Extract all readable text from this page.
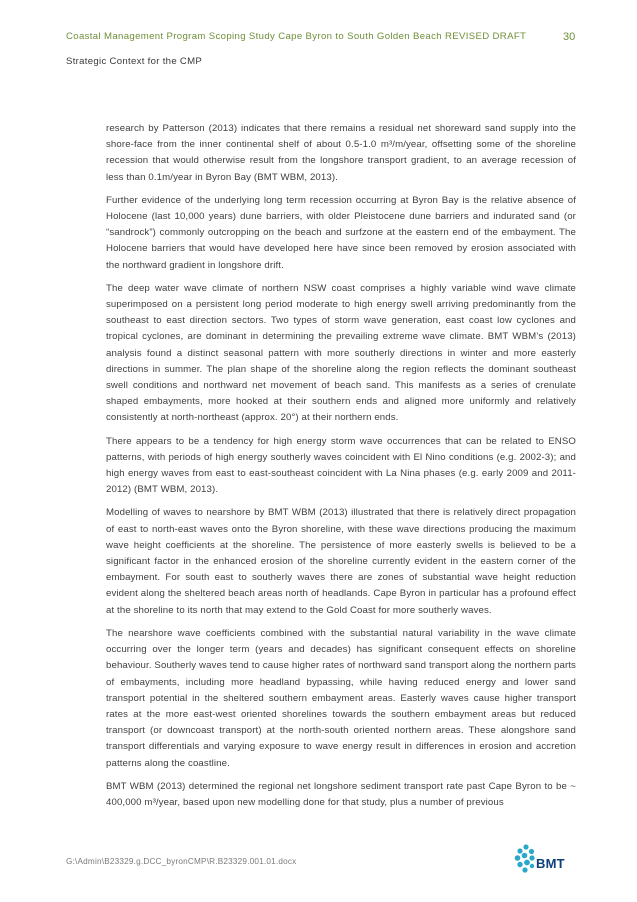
Coastal Management Program Scoping Study Cape Byron to South Golden Beach REVISED DRAFT	30
Strategic Context for the CMP

research by Patterson (2013) indicates that there remains a residual net shoreward sand supply into the shore-face from the inner continental shelf of about 0.5-1.0 m³/m/year, offsetting some of the shoreline recession that would otherwise result from the longshore transport gradient, to an average recession of less than 0.1m/year in Byron Bay (BMT WBM, 2013).

Further evidence of the underlying long term recession occurring at Byron Bay is the relative absence of Holocene (last 10,000 years) dune barriers, with older Pleistocene dune barriers and indurated sand (or “sandrock”) commonly outcropping on the beach and surfzone at the eastern end of the embayment. The Holocene barriers that would have developed here have since been removed by erosion associated with the northward gradient in longshore drift.

The deep water wave climate of northern NSW coast comprises a highly variable wind wave climate superimposed on a persistent long period moderate to high energy swell arriving predominantly from the southeast to east direction sectors. Two types of storm wave generation, east coast low cyclones and tropical cyclones, are dominant in determining the prevailing extreme wave climate. BMT WBM’s (2013) analysis found a distinct seasonal pattern with more southerly directions in winter and more easterly directions in summer. The plan shape of the shoreline along the region reflects the dominant southeast swell conditions and northward net movement of beach sand. This manifests as a series of crenulate shaped embayments, more hooked at their southern ends and aligned more uniformly and relatively consistently at north-northeast (approx. 20°) at their northern ends.

There appears to be a tendency for high energy storm wave occurrences that can be related to ENSO patterns, with periods of high energy southerly waves coincident with El Nino conditions (e.g. 2002-3); and high energy waves from east to east-southeast coincident with La Nina phases (e.g. early 2009 and 2011-2012) (BMT WBM, 2013).

Modelling of waves to nearshore by BMT WBM (2013) illustrated that there is relatively direct propagation of east to north-east waves onto the Byron shoreline, with these wave directions producing the maximum wave height coefficients at the shoreline. The persistence of more easterly swells is believed to be a significant factor in the enhanced erosion of the shoreline currently evident in the eastern corner of the embayment. For south east to southerly waves there are zones of substantial wave height reduction evident along the sheltered beach areas north of headlands. Cape Byron in particular has a profound effect at the shoreline to its north that may extend to the Gold Coast for more southerly waves.

The nearshore wave coefficients combined with the substantial natural variability in the wave climate occurring over the longer term (years and decades) has significant consequent effects on shoreline behaviour. Southerly waves tend to cause higher rates of northward sand transport along the northern parts of embayments, including more headland bypassing, while having reduced energy and lower sand transport potential in the sheltered southern embayment areas. Easterly waves cause higher transport rates at the more east-west oriented shorelines towards the southern embayment areas but reduced transport (or downcoast transport) at the north-south oriented northern areas. These alongshore sand transport differentials and varying exposure to wave energy result in differences in erosion and accretion patterns along the coastline.

BMT WBM (2013) determined the regional net longshore sediment transport rate past Cape Byron to be ~ 400,000 m³/year, based upon new modelling done for that study, plus a number of previous

G:\Admin\B23329.g.DCC_byronCMP\R.B23329.001.01.docx	BMT
